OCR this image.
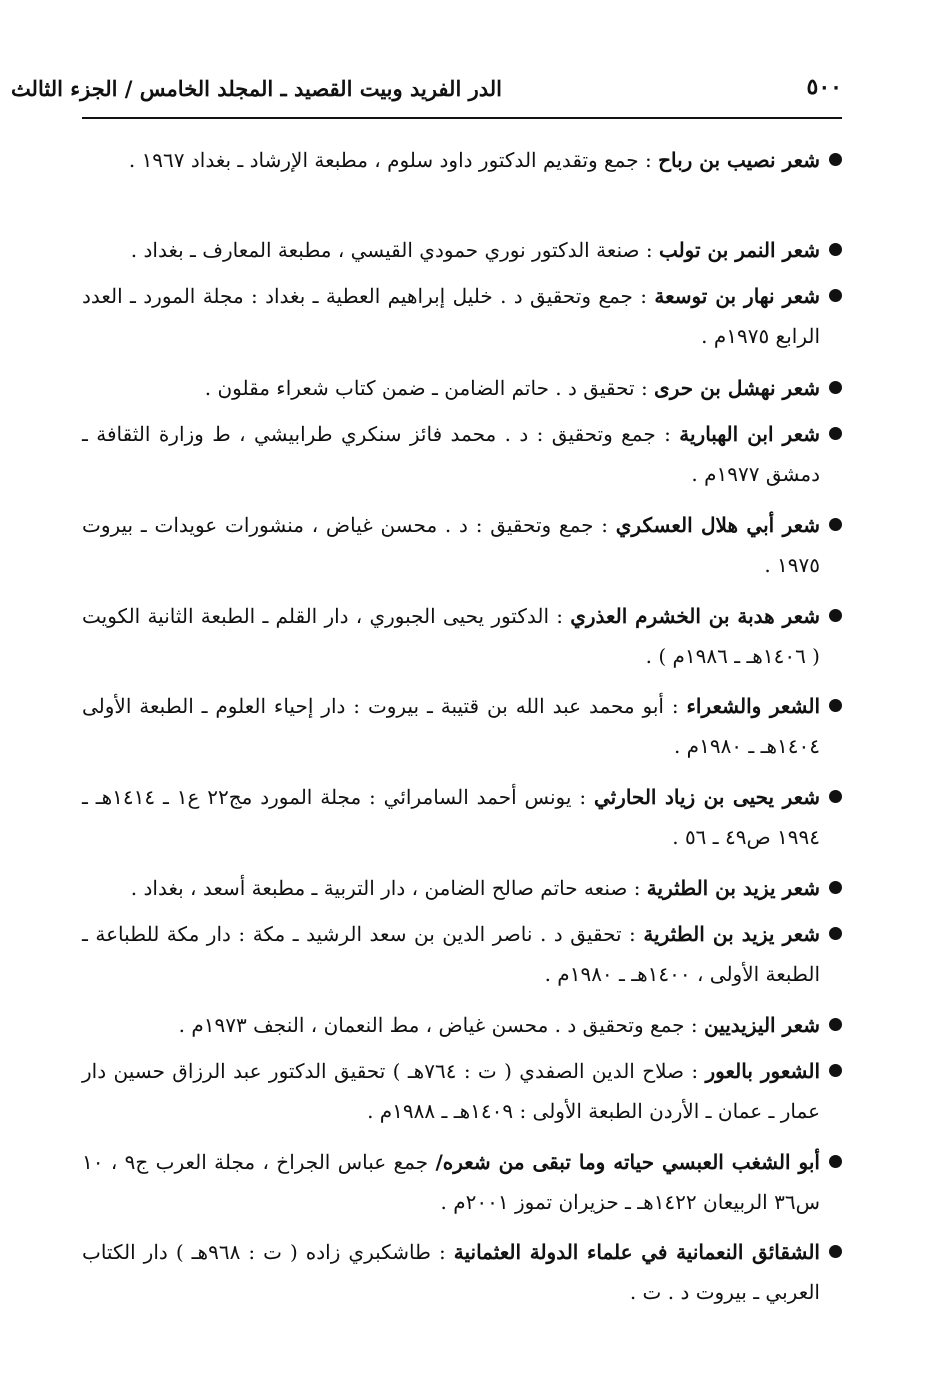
الدر الفريد وبيت القصيد ـ المجلد الخامس / الجزء الثالث	٥٠٠
شعر نصيب بن رباح : جمع وتقديم الدكتور داود سلوم ، مطبعة الإرشاد ـ بغداد ١٩٦٧ .
شعر النمر بن تولب : صنعة الدكتور نوري حمودي القيسي ، مطبعة المعارف ـ بغداد .
شعر نهار بن توسعة : جمع وتحقيق د . خليل إبراهيم العطية ـ بغداد : مجلة المورد ـ العدد الرابع ١٩٧٥م .
شعر نهشل بن حرى : تحقيق د . حاتم الضامن ـ ضمن كتاب شعراء مقلون .
شعر ابن الهبارية : جمع وتحقيق : د . محمد فائز سنكري طرابيشي ، ط وزارة الثقافة ـ دمشق ١٩٧٧م .
شعر أبي هلال العسكري : جمع وتحقيق : د . محسن غياض ، منشورات عويدات ـ بيروت ١٩٧٥ .
شعر هدبة بن الخشرم العذري : الدكتور يحيى الجبوري ، دار القلم ـ الطبعة الثانية الكويت ( ١٤٠٦هـ ـ ١٩٨٦م ) .
الشعر والشعراء : أبو محمد عبد الله بن قتيبة ـ بيروت : دار إحياء العلوم ـ الطبعة الأولى ١٤٠٤هـ ـ ١٩٨٠م .
شعر يحيى بن زياد الحارثي : يونس أحمد السامرائي : مجلة المورد مج٢٢ ع١ ـ ١٤١٤هـ ـ ١٩٩٤ ص٤٩ ـ ٥٦ .
شعر يزيد بن الطثرية : صنعه حاتم صالح الضامن ، دار التربية ـ مطبعة أسعد ، بغداد .
شعر يزيد بن الطثرية : تحقيق د . ناصر الدين بن سعد الرشيد ـ مكة : دار مكة للطباعة ـ الطبعة الأولى ، ١٤٠٠هـ ـ ١٩٨٠م .
شعر اليزيديين : جمع وتحقيق د . محسن غياض ، مط النعمان ، النجف ١٩٧٣م .
الشعور بالعور : صلاح الدين الصفدي ( ت : ٧٦٤هـ ) تحقيق الدكتور عبد الرزاق حسين دار عمار ـ عمان ـ الأردن الطبعة الأولى : ١٤٠٩هـ ـ ١٩٨٨م .
أبو الشغب العبسي حياته وما تبقى من شعره/ جمع عباس الجراخ ، مجلة العرب ج٩ ، ١٠ س٣٦ الربيعان ١٤٢٢هـ ـ حزيران تموز ٢٠٠١م .
الشقائق النعمانية في علماء الدولة العثمانية : طاشكبري زاده ( ت : ٩٦٨هـ ) دار الكتاب العربي ـ بيروت د . ت .
